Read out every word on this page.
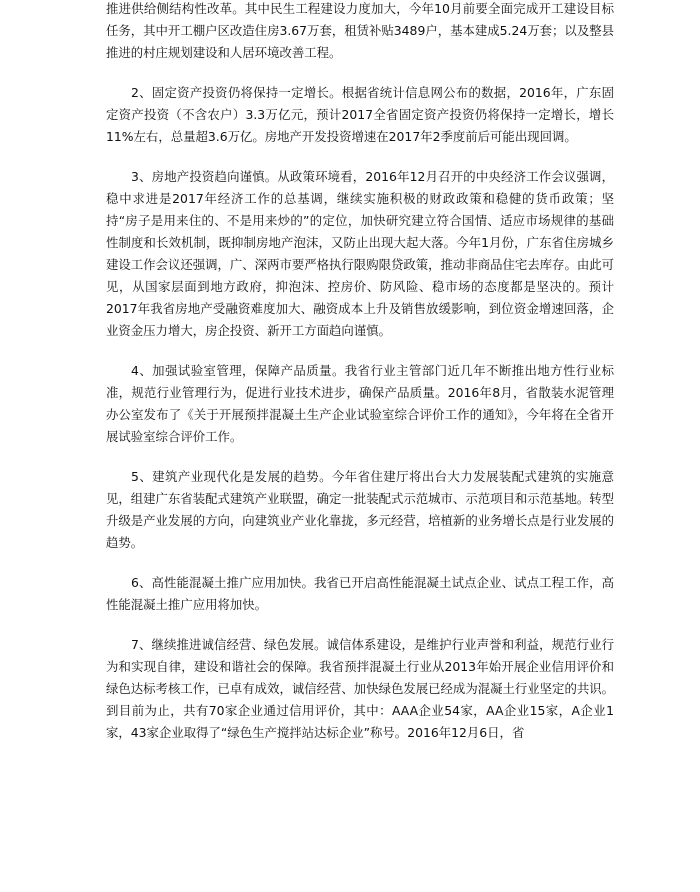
推进供给侧结构性改革。其中民生工程建设力度加大，今年10月前要全面完成开工建设目标任务，其中开工棚户区改造住房3.67万套，租赁补贴3489户，基本建成5.24万套；以及整县推进的村庄规划建设和人居环境改善工程。

2、固定资产投资仍将保持一定增长。根据省统计信息网公布的数据，2016年，广东固定资产投资（不含农户）3.3万亿元，预计2017全省固定资产投资仍将保持一定增长，增长11%左右，总量超3.6万亿。房地产开发投资增速在2017年2季度前后可能出现回调。

3、房地产投资趋向谨慎。从政策环境看，2016年12月召开的中央经济工作会议强调，稳中求进是2017年经济工作的总基调，继续实施积极的财政政策和稳健的货币政策；坚持“房子是用来住的、不是用来炒的”的定位，加快研究建立符合国情、适应市场规律的基础性制度和长效机制，既抑制房地产泡沫，又防止出现大起大落。今年1月份，广东省住房城乡建设工作会议还强调，广、深两市要严格执行限购限贷政策，推动非商品住宅去库存。由此可见，从国家层面到地方政府，抑泡沫、控房价、防风险、稳市场的态度都是坚决的。预计2017年我省房地产受融资难度加大、融资成本上升及销售放缓影响，到位资金增速回落，企业资金压力增大，房企投资、新开工方面趋向谨慎。

4、加强试验室管理，保障产品质量。我省行业主管部门近几年不断推出地方性行业标准，规范行业管理行为，促进行业技术进步，确保产品质量。2016年8月，省散装水泥管理办公室发布了《关于开展预拌混凝土生产企业试验室综合评价工作的通知》，今年将在全省开展试验室综合评价工作。

5、建筑产业现代化是发展的趋势。今年省住建厅将出台大力发展装配式建筑的实施意见，组建广东省装配式建筑产业联盟，确定一批装配式示范城市、示范项目和示范基地。转型升级是产业发展的方向，向建筑业产业化靠拢，多元经营，培植新的业务增长点是行业发展的趋势。

6、高性能混凝土推广应用加快。我省已开启高性能混凝土试点企业、试点工程工作，高性能混凝土推广应用将加快。

7、继续推进诚信经营、绿色发展。诚信体系建设，是维护行业声誉和利益，规范行业行为和实现自律，建设和谐社会的保障。我省预拌混凝土行业从2013年始开展企业信用评价和绿色达标考核工作，已卓有成效，诚信经营、加快绿色发展已经成为混凝土行业坚定的共识。到目前为止，共有70家企业通过信用评价，其中：AAA企业54家，AA企业15家，A企业1家，43家企业取得了“绿色生产搅拌站达标企业”称号。2016年12月6日，省
